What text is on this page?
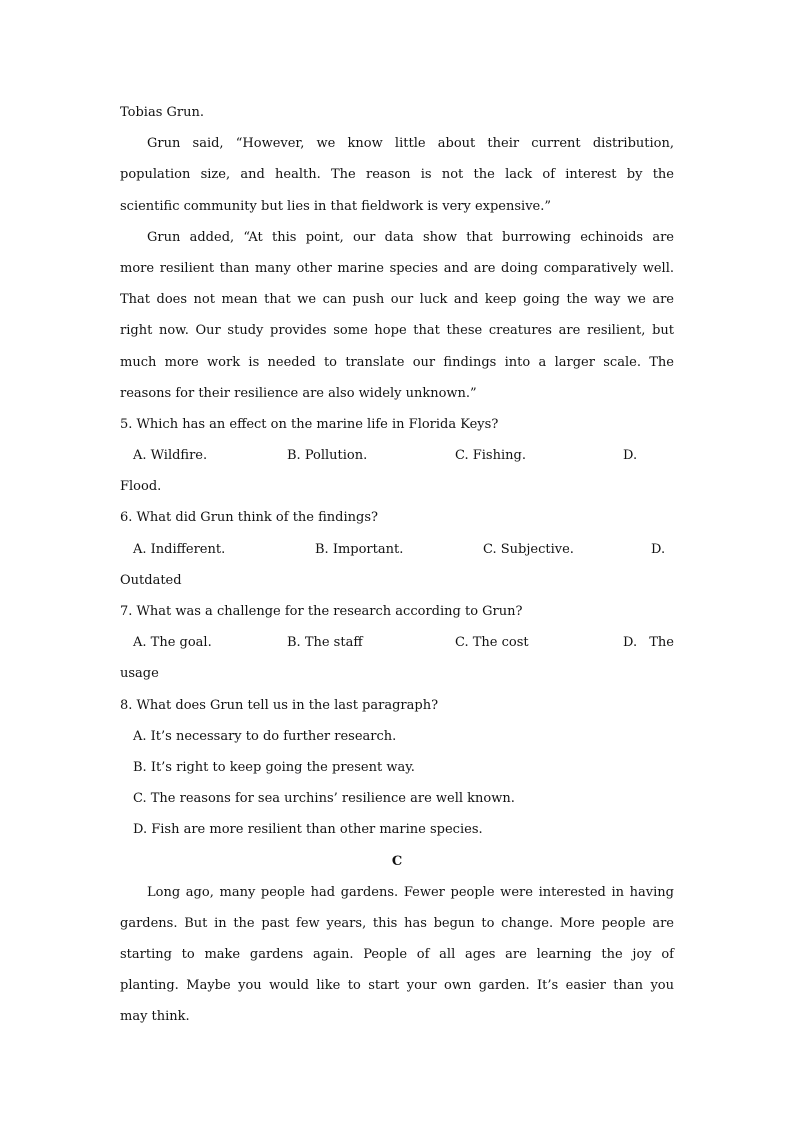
Tobias Grun.
Grun said, “However, we know little about their current distribution,
population size, and health. The reason is not the lack of interest by the
scientific community but lies in that fieldwork is very expensive.”
Grun added, “At this point, our data show that burrowing echinoids are
more resilient than many other marine species and are doing comparatively well.
That does not mean that we can push our luck and keep going the way we are
right now. Our study provides some hope that these creatures are resilient, but
much more work is needed to translate our findings into a larger scale. The
reasons for their resilience are also widely unknown.”
5. Which has an effect on the marine life in Florida Keys?
A. Wildfire.	B. Pollution.	C. Fishing.	D.
Flood.
6. What did Grun think of the findings?
A. Indifferent.	B. Important.	C. Subjective.	D.
Outdated
7. What was a challenge for the research according to Grun?
A. The goal.	B. The staff	C. The cost	D. The
usage
8. What does Grun tell us in the last paragraph?
A. It’s necessary to do further research.
B. It’s right to keep going the present way.
C. The reasons for sea urchins’ resilience are well known.
D. Fish are more resilient than other marine species.
C
Long ago, many people had gardens. Fewer people were interested in having
gardens. But in the past few years, this has begun to change. More people are
starting to make gardens again. People of all ages are learning the joy of
planting. Maybe you would like to start your own garden. It’s easier than you
may think.
